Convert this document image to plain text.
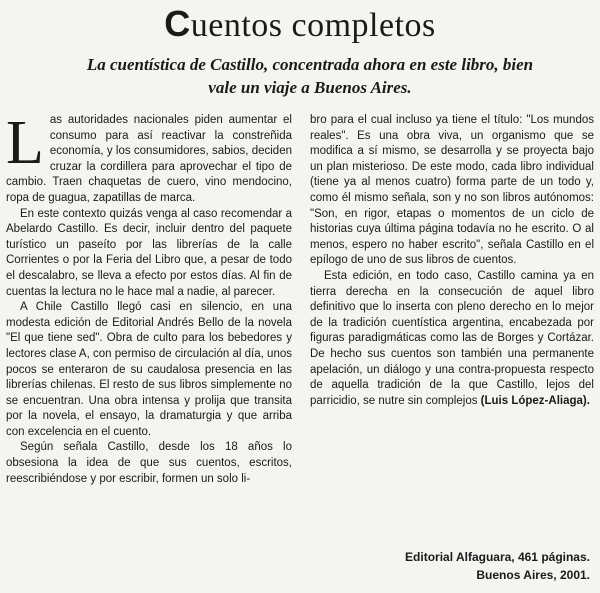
Cuentos completos
La cuentística de Castillo, concentrada ahora en este libro, bien
vale un viaje a Buenos Aires.

Las autoridades nacionales piden aumentar el consumo para así reactivar la constreñida economía, y los consumidores, sabios, deciden cruzar la cordillera para aprovechar el tipo de cambio. Traen chaquetas de cuero, vino mendocino, ropa de guagua, zapatillas de marca.

En este contexto quizás venga al caso recomendar a Abelardo Castillo. Es decir, incluir dentro del paquete turístico un paseíto por las librerías de la calle Corrientes o por la Feria del Libro que, a pesar de todo el descalabro, se lleva a efecto por estos días. Al fin de cuentas la lectura no le hace mal a nadie, al parecer.

A Chile Castillo llegó casi en silencio, en una modesta edición de Editorial Andrés Bello de la novela "El que tiene sed". Obra de culto para los bebedores y lectores clase A, con permiso de circulación al día, unos pocos se enteraron de su caudalosa presencia en las librerías chilenas. El resto de sus libros simplemente no se encuentran. Una obra intensa y prolija que transita por la novela, el ensayo, la dramaturgia y que arriba con excelencia en el cuento.

Según señala Castillo, desde los 18 años lo obsesiona la idea de que sus cuentos, escritos, reescribiéndose y por escribir, formen un solo li-

bro para el cual incluso ya tiene el título: "Los mundos reales". Es una obra viva, un organismo que se modifica a sí mismo, se desarrolla y se proyecta bajo un plan misterioso. De este modo, cada libro individual (tiene ya al menos cuatro) forma parte de un todo y, como él mismo señala, son y no son libros autónomos: "Son, en rigor, etapas o momentos de un ciclo de historias cuya última página todavía no he escrito. O al menos, espero no haber escrito", señala Castillo en el epílogo de uno de sus libros de cuentos.

Esta edición, en todo caso, Castillo camina ya en tierra derecha en la consecución de aquel libro definitivo que lo inserta con pleno derecho en lo mejor de la tradición cuentística argentina, encabezada por figuras paradigmáticas como las de Borges y Cortázar. De hecho sus cuentos son también una permanente apelación, un diálogo y una contra-propuesta respecto de aquella tradición de la que Castillo, lejos del parricidio, se nutre sin complejos (Luis López-Aliaga).

Editorial Alfaguara, 461 páginas.
Buenos Aires, 2001.
